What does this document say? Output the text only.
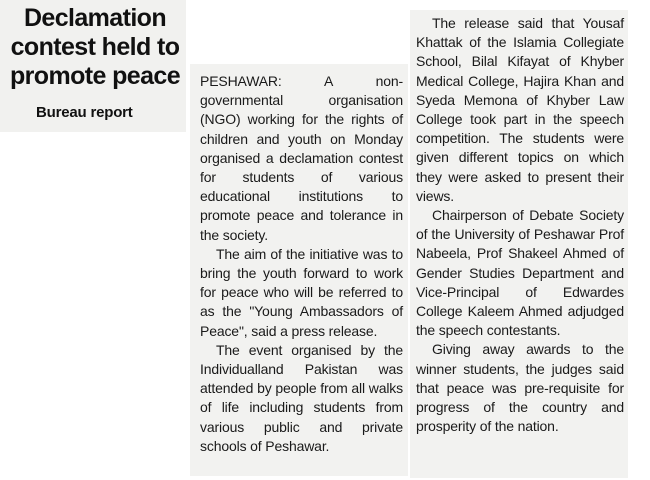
Declamation contest held to promote peace
Bureau report

PESHAWAR: A non-governmental organisation (NGO) working for the rights of children and youth on Monday organised a declamation contest for students of various educational institutions to promote peace and tolerance in the society.

The aim of the initiative was to bring the youth forward to work for peace who will be referred to as the "Young Ambassadors of Peace", said a press release.

The event organised by the Individualland Pakistan was attended by people from all walks of life including students from various public and private schools of Peshawar.

The release said that Yousaf Khattak of the Islamia Collegiate School, Bilal Kifayat of Khyber Medical College, Hajira Khan and Syeda Memona of Khyber Law College took part in the speech competition. The students were given different topics on which they were asked to present their views.

Chairperson of Debate Society of the University of Peshawar Prof Nabeela, Prof Shakeel Ahmed of Gender Studies Department and Vice-Principal of Edwardes College Kaleem Ahmed adjudged the speech contestants.

Giving away awards to the winner students, the judges said that peace was pre-requisite for progress of the country and prosperity of the nation.
